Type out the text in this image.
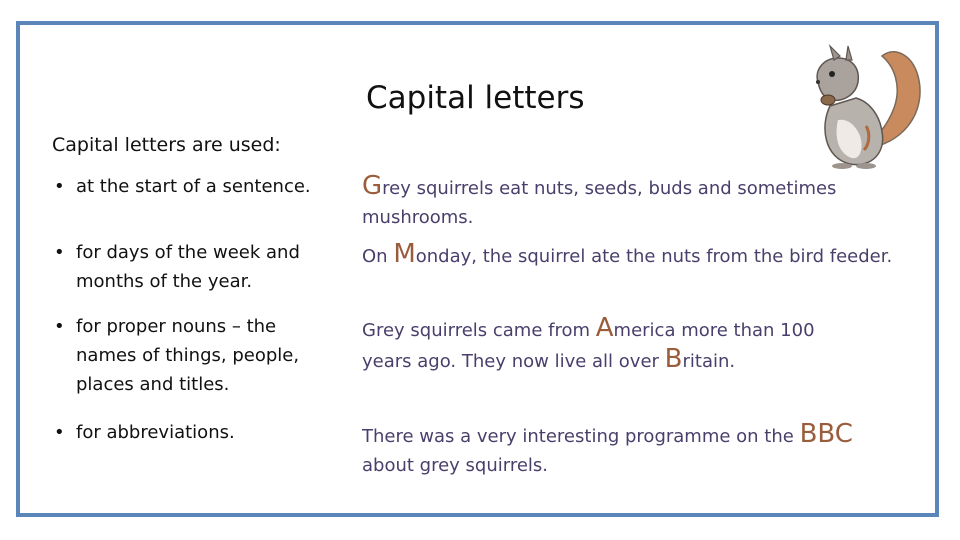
Capital letters
Capital letters are used:
• at the start of a sentence.
• for days of the week and
months of the year.
• for proper nouns – the
names of things, people,
places and titles.
• for abbreviations.
Grey squirrels eat nuts, seeds, buds and sometimes
mushrooms.
On Monday, the squirrel ate the nuts from the bird feeder.
Grey squirrels came from America more than 100
years ago. They now live all over Britain.
There was a very interesting programme on the BBC
about grey squirrels.
